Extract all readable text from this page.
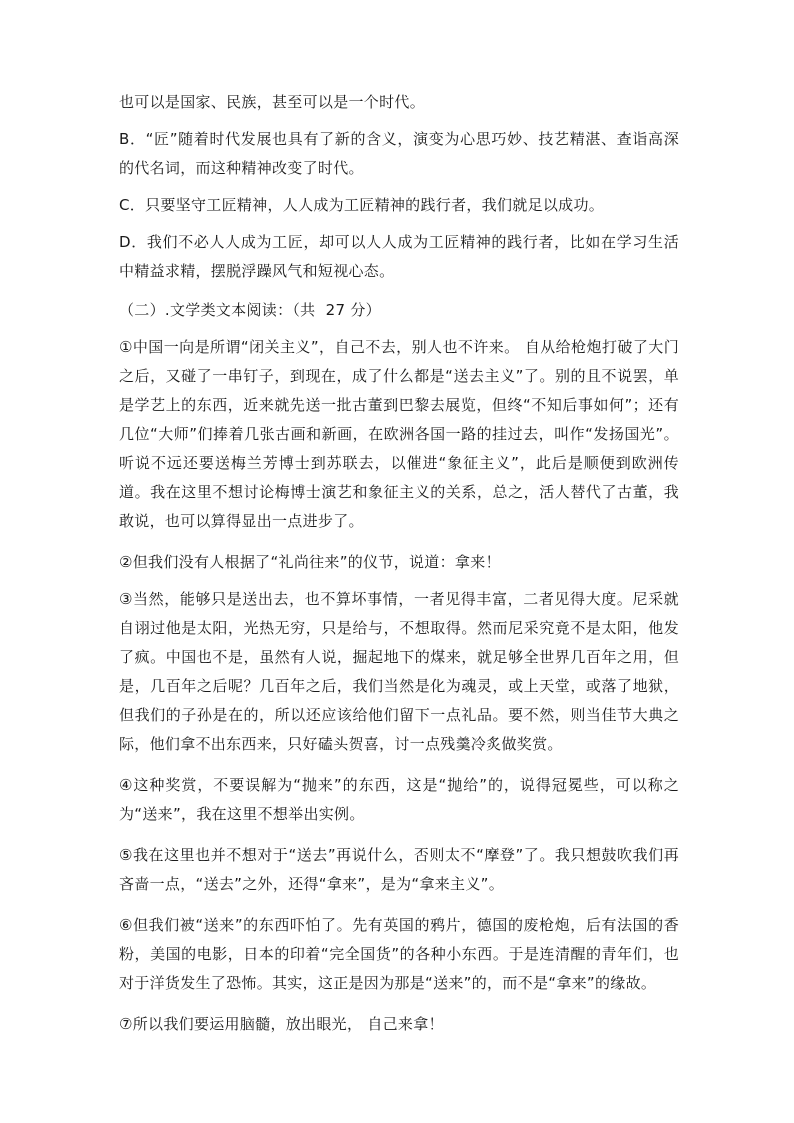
也可以是国家、民族，甚至可以是一个时代。

B．“匠”随着时代发展也具有了新的含义，演变为心思巧妙、技艺精湛、查诣高深的代名词，而这种精神改变了时代。

C．只要坚守工匠精神，人人成为工匠精神的践行者，我们就足以成功。

D．我们不必人人成为工匠，却可以人人成为工匠精神的践行者，比如在学习生活中精益求精，摆脱浮躁风气和短视心态。

（二）.文学类文本阅读：（共  27 分）

①中国一向是所谓“闭关主义”，自己不去，别人也不许来。 自从给枪炮打破了大门之后，又碰了一串钉子，到现在，成了什么都是“送去主义”了。别的且不说罢，单是学艺上的东西，近来就先送一批古董到巴黎去展览，但终“不知后事如何”；还有几位“大师”们捧着几张古画和新画，在欧洲各国一路的挂过去，叫作“发扬国光”。听说不远还要送梅兰芳博士到苏联去，以催进“象征主义”，此后是顺便到欧洲传道。我在这里不想讨论梅博士演艺和象征主义的关系，总之，活人替代了古董，我敢说，也可以算得显出一点进步了。

②但我们没有人根据了“礼尚往来”的仪节，说道：拿来！

③当然，能够只是送出去，也不算坏事情，一者见得丰富，二者见得大度。尼采就自诩过他是太阳，光热无穷，只是给与，不想取得。然而尼采究竟不是太阳，他发了疯。中国也不是，虽然有人说，掘起地下的煤来，就足够全世界几百年之用，但是，几百年之后呢？几百年之后，我们当然是化为魂灵，或上天堂，或落了地狱，但我们的子孙是在的，所以还应该给他们留下一点礼品。要不然，则当佳节大典之际，他们拿不出东西来，只好磕头贺喜，讨一点残羹冷炙做奖赏。

④这种奖赏，不要误解为“抛来”的东西，这是“抛给”的，说得冠冕些，可以称之为“送来”，我在这里不想举出实例。

⑤我在这里也并不想对于“送去”再说什么，否则太不“摩登”了。我只想鼓吹我们再吝啬一点，“送去”之外，还得“拿来”，是为“拿来主义”。

⑥但我们被“送来”的东西吓怕了。先有英国的鸦片，德国的废枪炮，后有法国的香粉，美国的电影，日本的印着“完全国货”的各种小东西。于是连清醒的青年们，也对于洋货发生了恐怖。其实，这正是因为那是“送来”的，而不是“拿来”的缘故。

⑦所以我们要运用脑髓，放出眼光， 自己来拿！
